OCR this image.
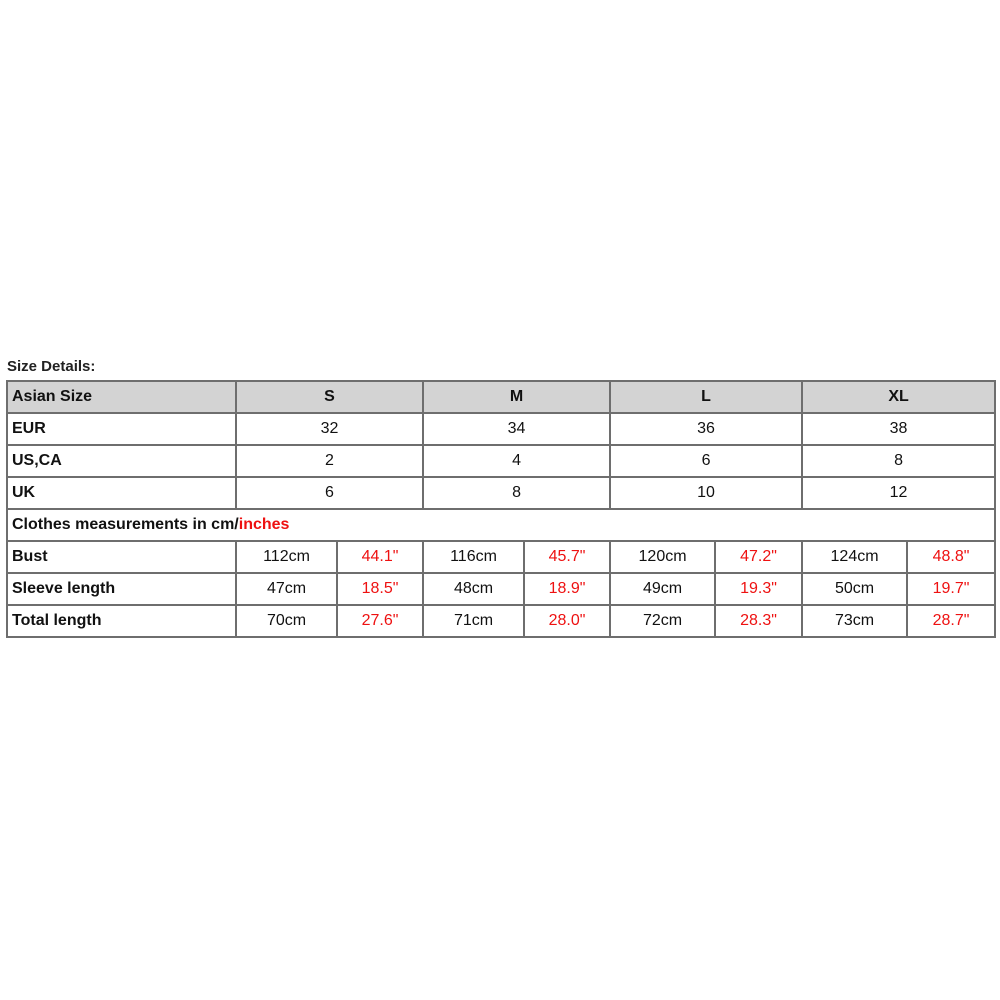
Size Details:
Asian Size	S		M		L		XL	
EUR	32		34		36		38	
US,CA	2		4		6		8	
UK	6		8		10		12	
Clothes measurements in cm/inches								
Bust	112cm	44.1"	116cm	45.7"	120cm	47.2"	124cm	48.8"
Sleeve length	47cm	18.5"	48cm	18.9"	49cm	19.3"	50cm	19.7"
Total length	70cm	27.6"	71cm	28.0"	72cm	28.3"	73cm	28.7"
